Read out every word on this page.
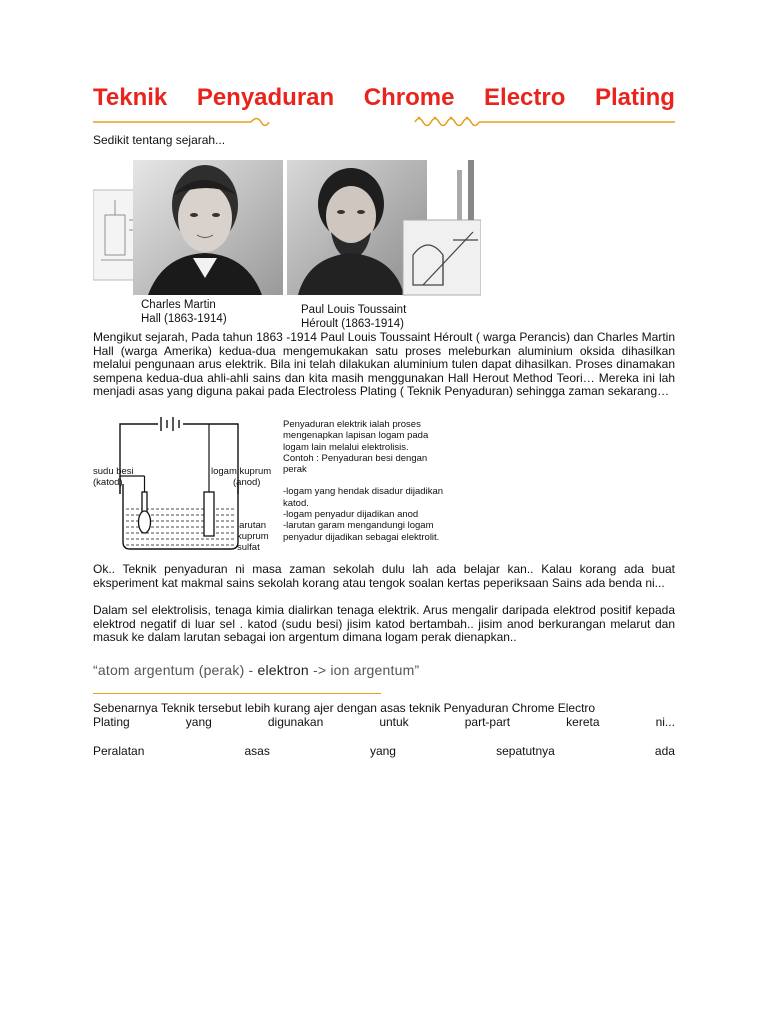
Teknik Penyaduran Chrome Electro Plating
Sedikit tentang sejarah...
Charles Martin
Hall (1863-1914)
Paul Louis Toussaint
Héroult (1863-1914)

Mengikut sejarah, Pada tahun 1863 -1914 Paul Louis Toussaint Héroult ( warga Perancis) dan Charles Martin Hall (warga Amerika) kedua-dua mengemukakan satu proses meleburkan aluminium oksida dihasilkan melalui pengunaan arus elektrik. Bila ini telah dilakukan aluminium tulen dapat dihasilkan. Proses dinamakan sempena kedua-dua ahli-ahli sains dan kita masih menggunakan Hall Herout Method Teori… Mereka ini lah menjadi asas yang diguna pakai pada Electroless Plating ( Teknik Penyaduran) sehingga zaman sekarang…

sudu besi
(katod)
logam kuprum
(anod)
larutan
kuprum
sulfat
Penyaduran elektrik ialah proses
mengenapkan lapisan logam pada
logam lain melalui elektrolisis.
Contoh : Penyaduran besi dengan
perak
-logam yang hendak disadur dijadikan
katod.
-logam penyadur dijadikan anod
-larutan garam mengandungi logam
penyadur dijadikan sebagai elektrolit.

Ok.. Teknik penyaduran ni masa zaman sekolah dulu lah ada belajar kan.. Kalau korang ada buat eksperiment kat makmal sains sekolah korang atau tengok soalan kertas peperiksaan Sains ada benda ni...

Dalam sel elektrolisis, tenaga kimia dialirkan tenaga elektrik. Arus mengalir daripada elektrod positif kepada elektrod negatif di luar sel . katod (sudu besi) jisim katod bertambah.. jisim anod berkurangan melarut dan masuk ke dalam larutan sebagai ion argentum dimana logam perak dienapkan..

“atom argentum (perak) - elektron -> ion argentum”
Sebenarnya Teknik tersebut lebih kurang ajer dengan asas teknik Penyaduran Chrome Electro
Plating	yang	digunakan	untuk	part-part	kereta	ni...
Peralatan	asas	yang	sepatutnya	ada
